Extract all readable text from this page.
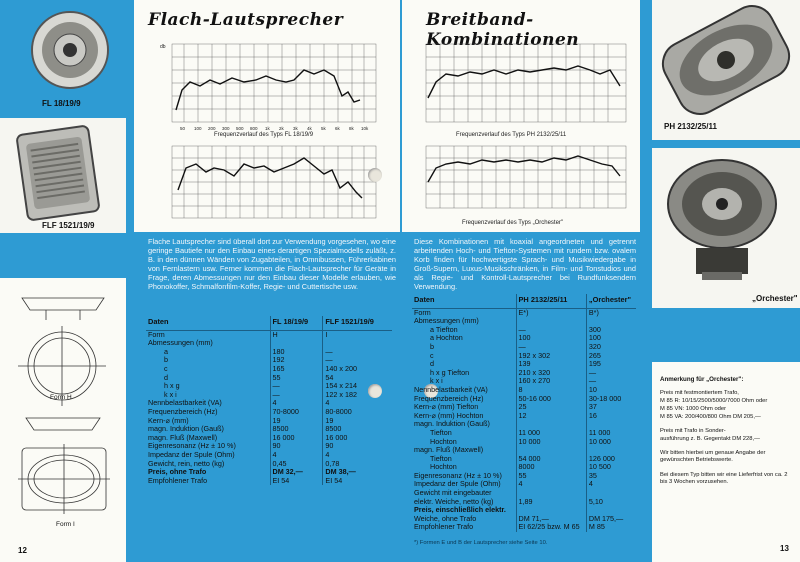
FL 18/19/9
FLF 1521/19/9
Form H
Form I
12
Flach-Lautsprecher
db
50 100 200 300 500 800 1k 2k 3k 4k 5k 6k 8k 10k
Frequenzverlauf des Typs FL 18/19/9
Flache Lautsprecher sind überall dort zur Verwendung vorgesehen, wo eine geringe Bautiefe nur den Einbau eines derartigen Spezialmodells zuläßt, z. B. in den dünnen Wänden von Zugabteilen, in Omnibussen, Führerkabinen von Fernlastern usw. Ferner kommen die Flach-Lautsprecher für Geräte in Frage, deren Abmessungen nur den Einbau dieser Modelle erlauben, wie Phonokoffer, Schmalfonfilm-Koffer, Regie- und Cuttertische usw.
Daten	FL 18/19/9	FLF 1521/19/9
Form	H	I
Abmessungen (mm)		
a	180	—
b	192	—
c	165	140 x 200
d	55	54
h x g	—	154 x 214
k x i	—	122 x 182
Nennbelastbarkeit (VA)	4	4
Frequenzbereich (Hz)	70-8000	80-8000
Kern-⌀ (mm)	19	19
magn. Induktion (Gauß)	8500	8500
magn. Fluß (Maxwell)	16 000	16 000
Eigenresonanz (Hz ± 10 %)	90	90
Impedanz der Spule (Ohm)	4	4
Gewicht, rein, netto (kg)	0,45	0,78
Preis, ohne Trafo	DM 32,—	DM 38,—
Empfohlener Trafo	EI 54	EI 54
Breitband-Kombinationen
Frequenzverlauf des Typs PH 2132/25/11
Frequenzverlauf des Typs „Orchester"
Diese Kombinationen mit koaxial angeordneten und getrennt arbeitenden Hoch- und Tiefton-Systemen mit rundem bzw. ovalem Korb finden für hochwertigste Sprach- und Musikwiedergabe in Groß-Supern, Luxus-Musikschränken, in Film- und Tonstudios und als Regie- und Kontroll-Lautsprecher bei Rundfunksendern Verwendung.
Daten	PH 2132/25/11	„Orchester"
Form	E*)	B*)
Abmessungen (mm)		
a Tiefton	—	300
a Hochton	100	100
b	—	320
c	192 x 302	265
d	139	195
h x g Tiefton	210 x 320	—
k x i	160 x 270	—
Nennbelastbarkeit (VA)	8	10
Frequenzbereich (Hz)	50-16 000	30-18 000
Kern-⌀ (mm) Tiefton	25	37
Kern-⌀ (mm) Hochton	12	16
magn. Induktion (Gauß)		
Tiefton	11 000	11 000
Hochton	10 000	10 000
magn. Fluß (Maxwell)		
Tiefton	54 000	126 000
Hochton	8000	10 500
Eigenresonanz (Hz ± 10 %)	55	35
Impedanz der Spule (Ohm)	4	4
Gewicht mit eingebauter		
elektr. Weiche, netto (kg)	1,89	5,10
Preis, einschließlich elektr.		
Weiche, ohne Trafo	DM 71,—	DM 175,—
Empfohlener Trafo	EI 62/25 bzw. M 65	M 85
*) Formen E und B der Lautsprecher siehe Seite 10.
PH 2132/25/11
„Orchester"
Anmerkung für „Orchester":
Preis mit festmontiertem Trafo,
M 85 R: 10/15/2500/5000/7000 Ohm oder
M 85 VN: 1000 Ohm oder
M 85 VA: 200/400/800 Ohm DM 205,—
Preis mit Trafo in Sonder-
ausführung z. B. Gegentakt DM 228,—
Wir bitten hierbei um genaue Angabe der gewünschten Betriebswerte.
Bei diesem Typ bitten wir eine Lieferfrist von ca. 2 bis 3 Wochen vorzusehen.
13
